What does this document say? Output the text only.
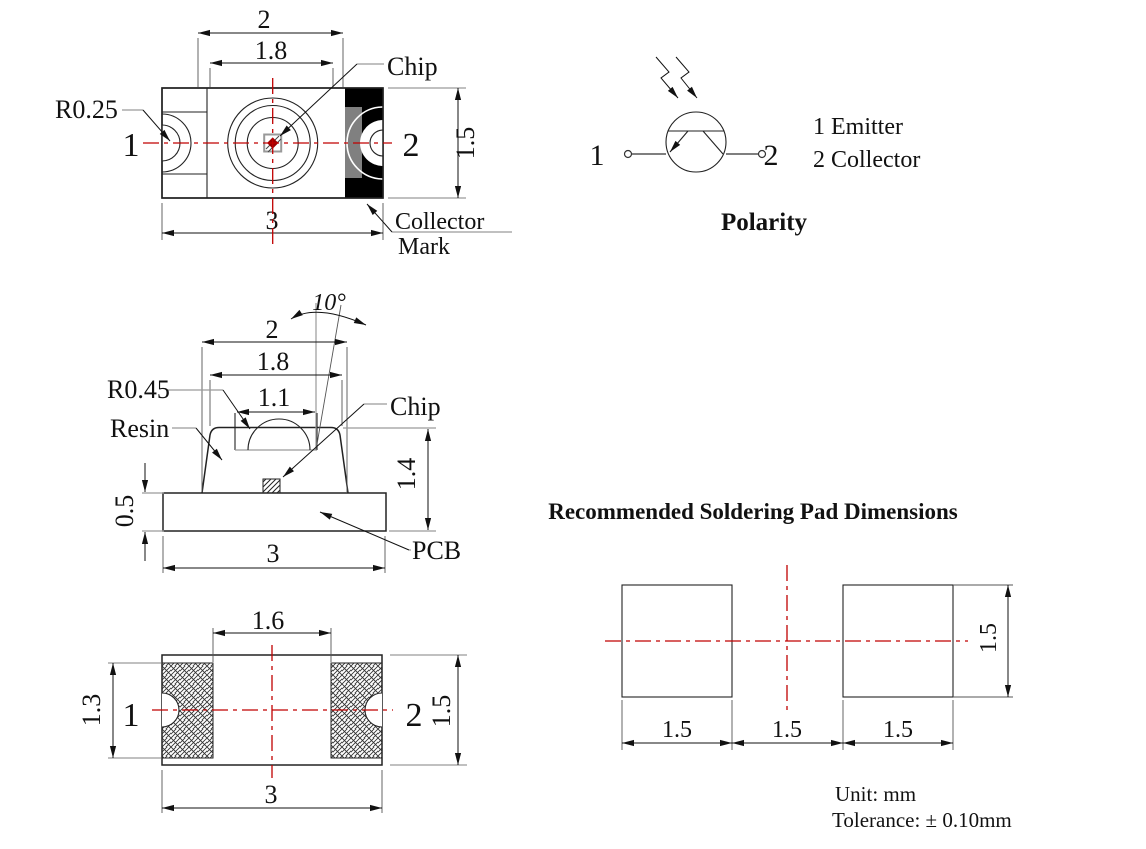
2
1.8
1.5
3
R0.25
Chip
Collector
Mark
1	2	1	2
1 Emitter
2 Collector
Polarity
10°
2
1.8
1.1
1.4
0.5
3
R0.45
Resin
Chip
PCB
1.6
1.3	1.5
3
1	2
Recommended Soldering Pad Dimensions
1.5
1.5	1.5	1.5
Unit: mm
Tolerance: ± 0.10mm
